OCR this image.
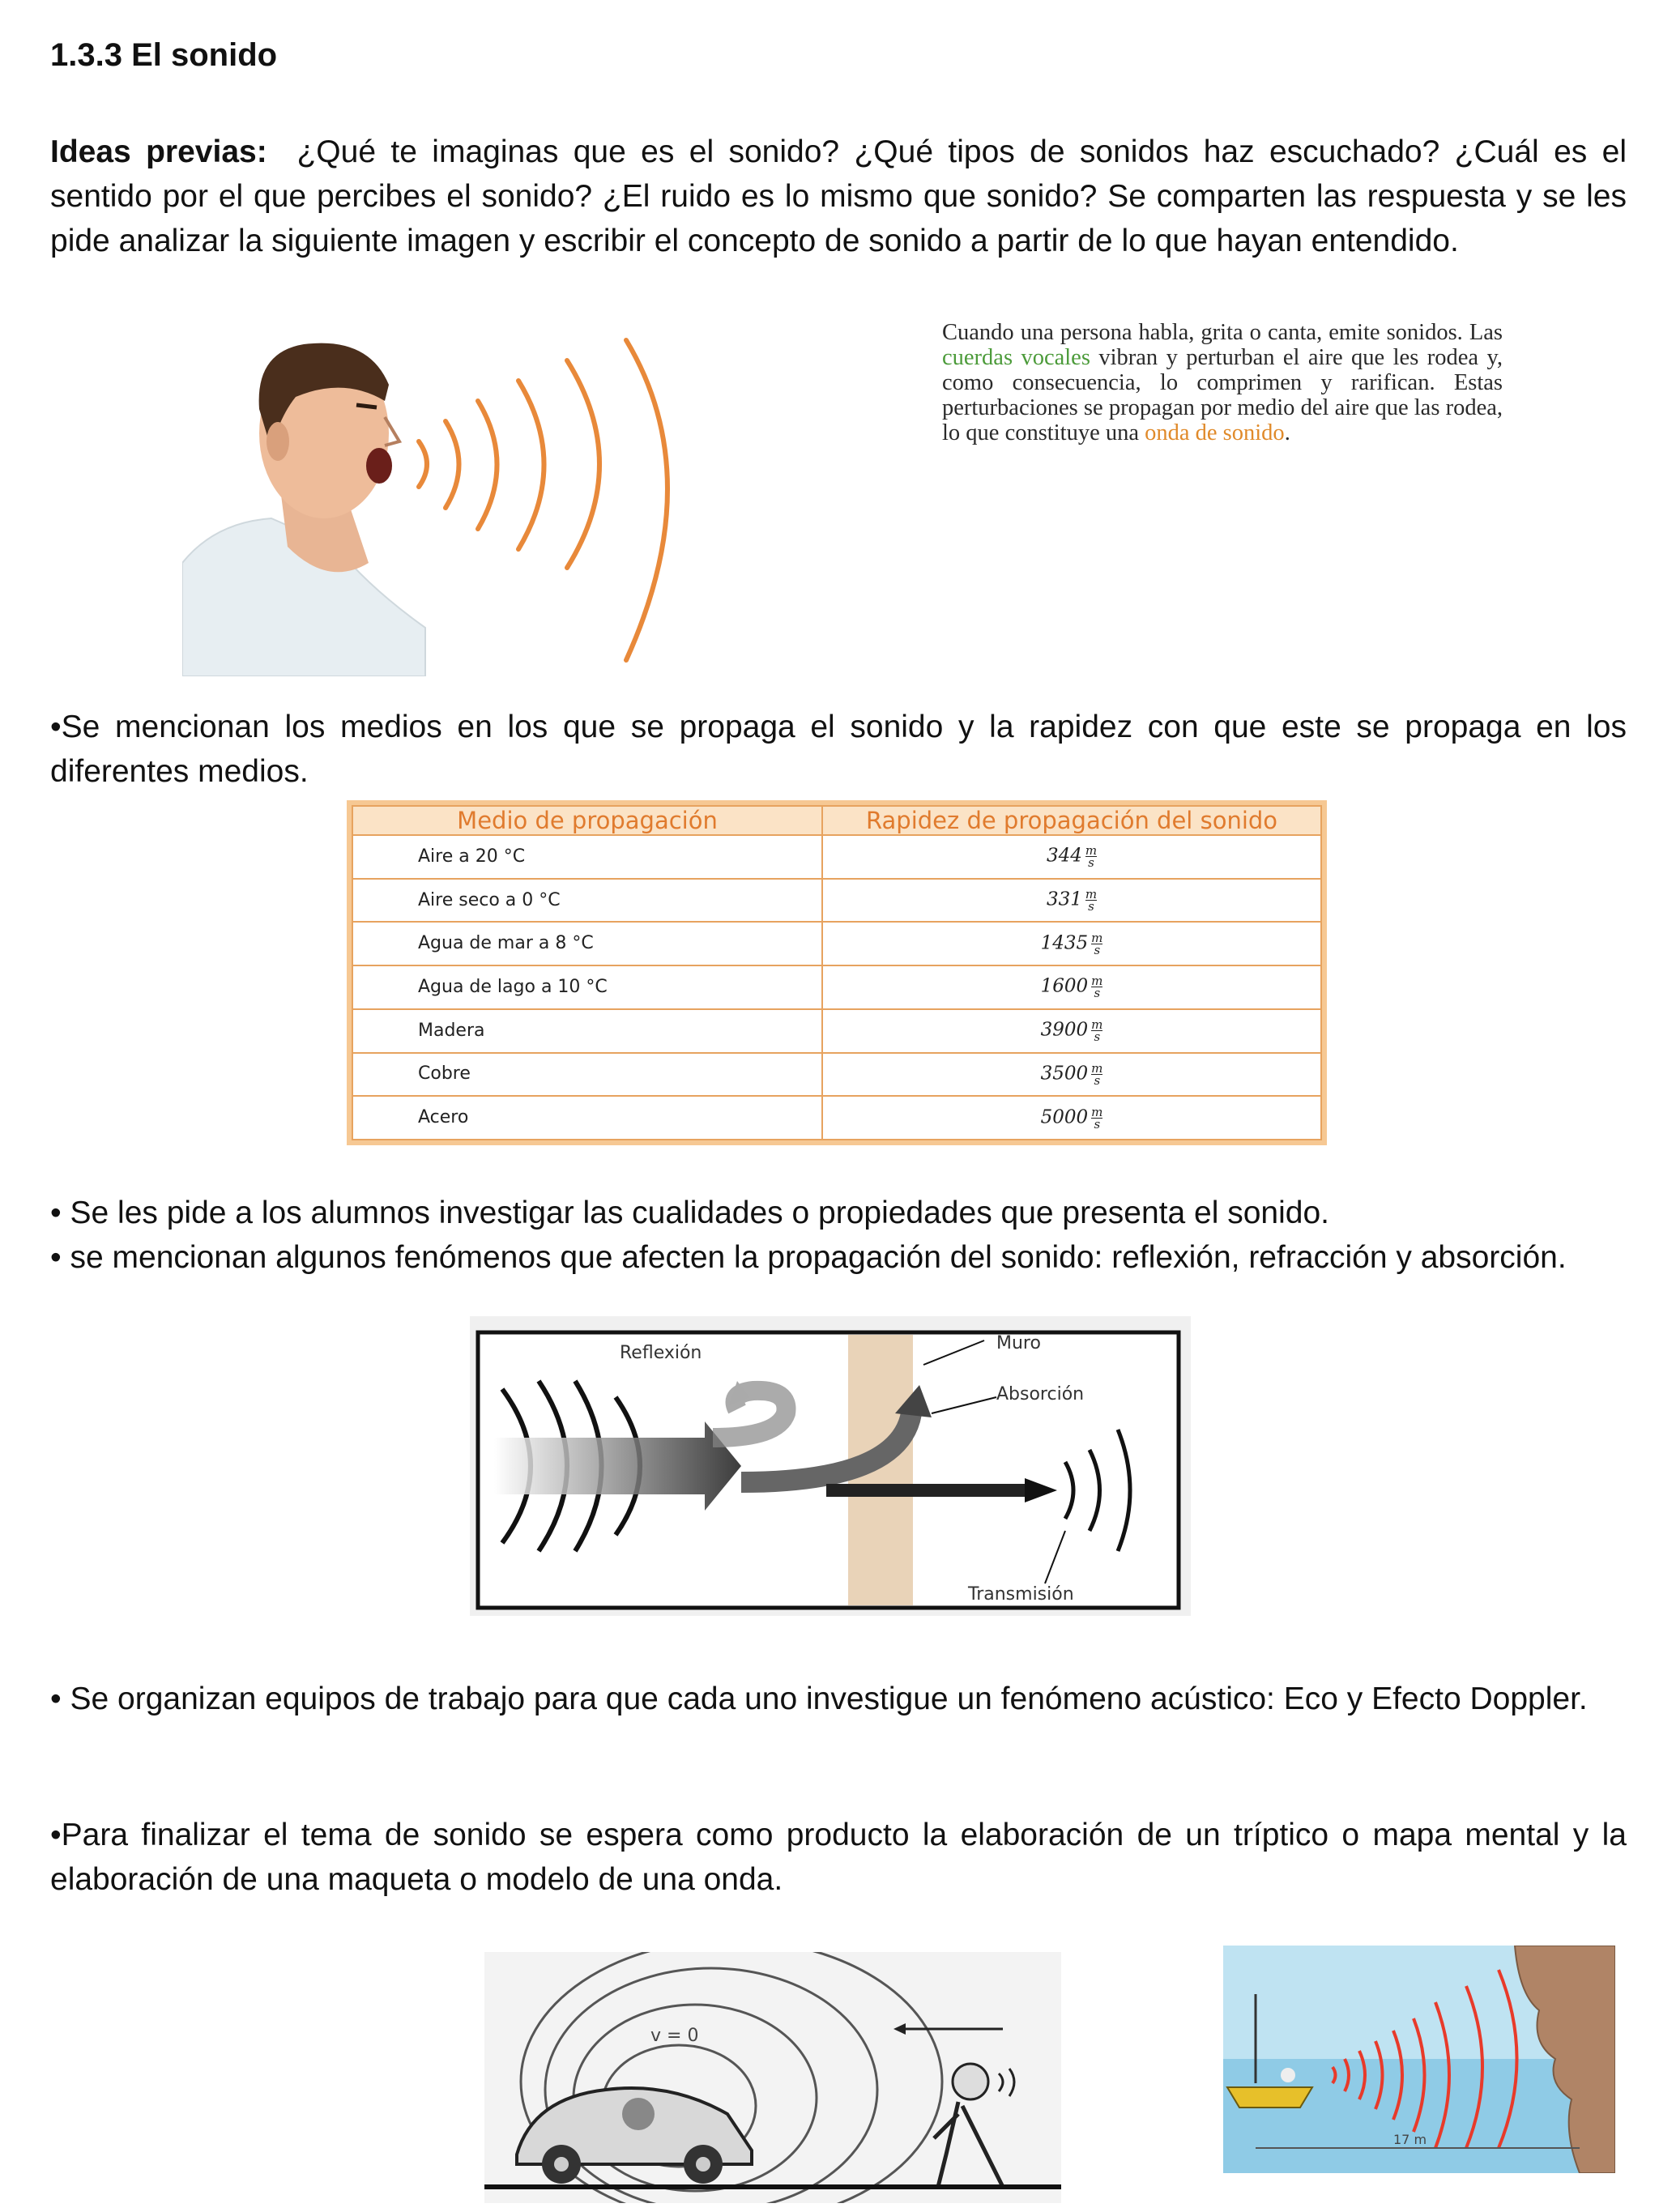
1.3.3 El sonido
Ideas previas: ¿Qué te imaginas que es el sonido? ¿Qué tipos de sonidos haz escuchado? ¿Cuál es el sentido por el que percibes el sonido? ¿El ruido es lo mismo que sonido? Se comparten las respuesta y se les pide analizar la siguiente imagen y escribir el concepto de sonido a partir de lo que hayan entendido.
Cuando una persona habla, grita o canta, emite sonidos. Las cuerdas vocales vibran y perturban el aire que les rodea y, como consecuencia, lo comprimen y rarifican. Estas perturbaciones se propagan por medio del aire que las rodea, lo que constituye una onda de sonido.
•Se mencionan los medios en los que se propaga el sonido y la rapidez con que este se propaga en los diferentes medios.
Medio de propagación	Rapidez de propagación del sonido
Aire a 20 °C	$344 \frac{m}{s}$

Aire seco a 0 °C	$331 \frac{m}{s}$

Agua de mar a 8 °C	$1435 \frac{m}{s}$

Agua de lago a 10 °C	$1600 \frac{m}{s}$

Madera	$3900 \frac{m}{s}$

Cobre	$3500 \frac{m}{s}$

Acero	$5000 \frac{m}{s}$
• Se les pide a los alumnos investigar las cualidades o propiedades que presenta el sonido.
• se mencionan algunos fenómenos que afecten la propagación del sonido: reflexión, refracción y absorción.
Reflexión	Muro
Absorción
Transmisión
• Se organizan equipos de trabajo para que cada uno investigue un fenómeno acústico: Eco y Efecto Doppler.
•Para finalizar el tema de sonido se espera como producto la elaboración de un tríptico o mapa mental y la elaboración de una maqueta o modelo de una onda.
v = 0
17 m
